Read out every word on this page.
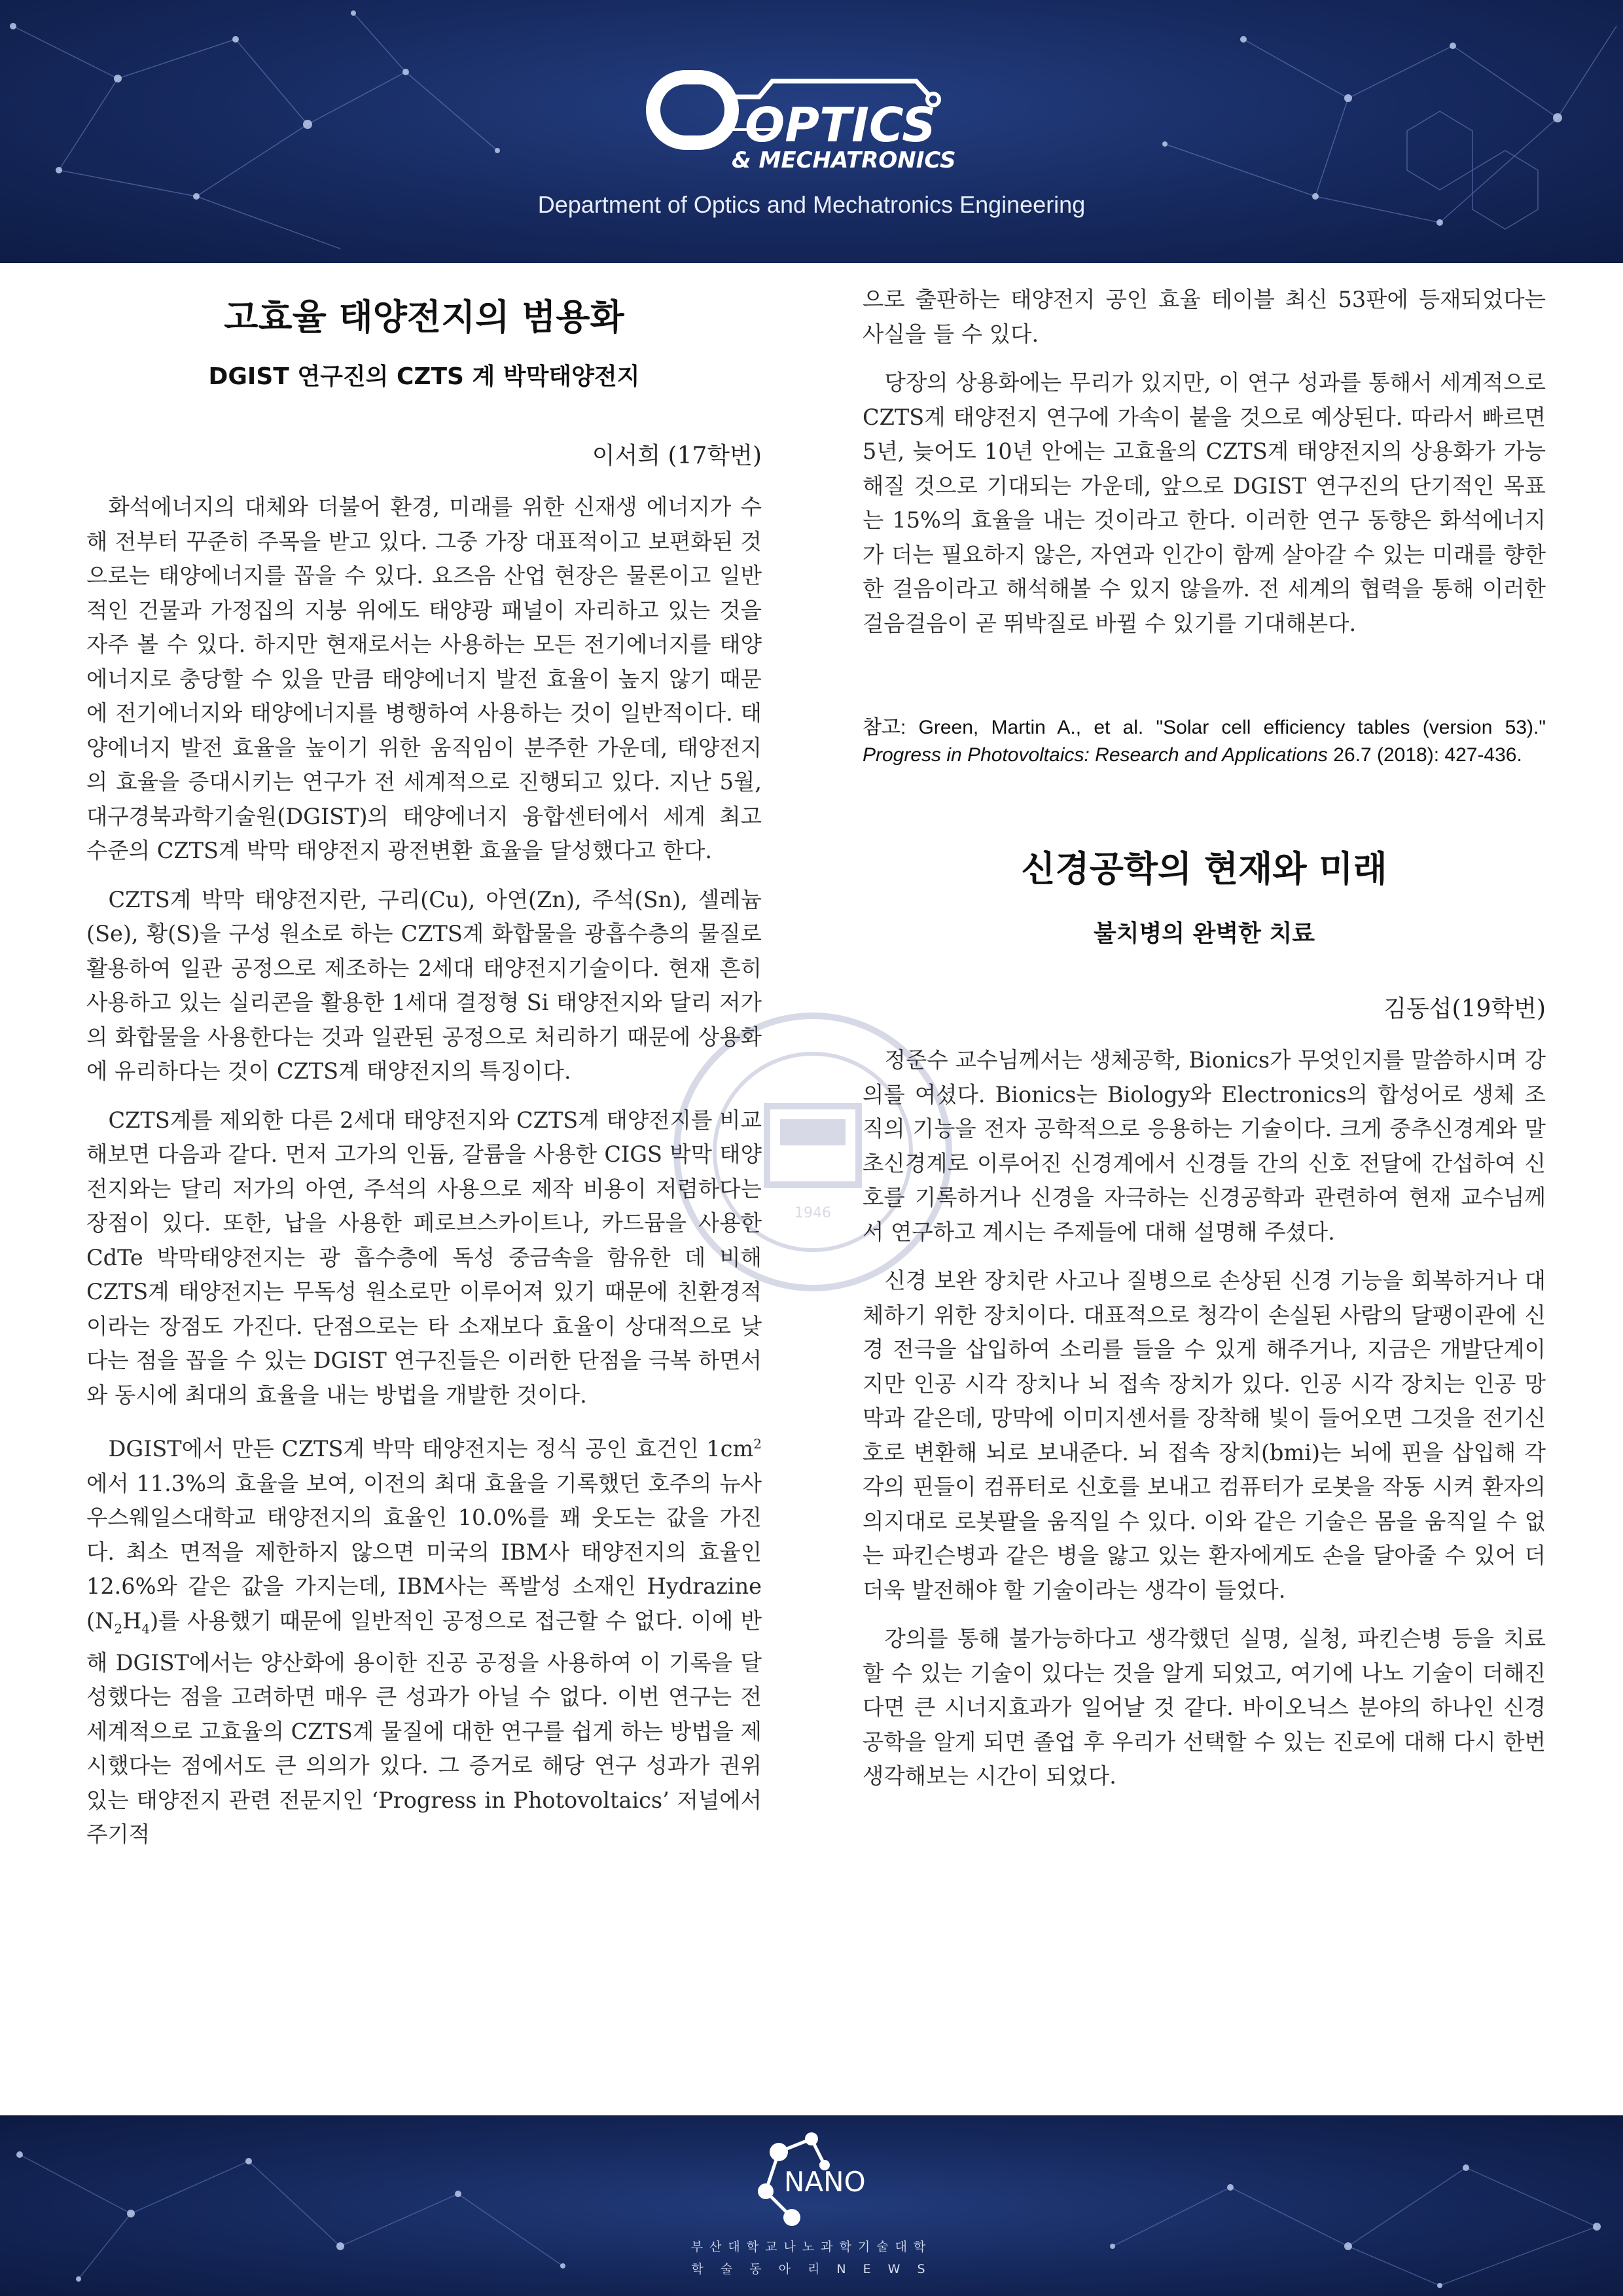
OPTICS
& MECHATRONICS
Department of Optics and Mechatronics Engineering
1946
고효율 태양전지의 범용화
DGIST 연구진의 CZTS 계 박막태양전지

이서희 (17학번)

화석에너지의 대체와 더불어 환경, 미래를 위한 신재생 에너지가 수해 전부터 꾸준히 주목을 받고 있다. 그중 가장 대표적이고 보편화된 것으로는 태양에너지를 꼽을 수 있다. 요즈음 산업 현장은 물론이고 일반적인 건물과 가정집의 지붕 위에도 태양광 패널이 자리하고 있는 것을 자주 볼 수 있다. 하지만 현재로서는 사용하는 모든 전기에너지를 태양에너지로 충당할 수 있을 만큼 태양에너지 발전 효율이 높지 않기 때문에 전기에너지와 태양에너지를 병행하여 사용하는 것이 일반적이다. 태양에너지 발전 효율을 높이기 위한 움직임이 분주한 가운데, 태양전지의 효율을 증대시키는 연구가 전 세계적으로 진행되고 있다. 지난 5월, 대구경북과학기술원(DGIST)의 태양에너지 융합센터에서 세계 최고 수준의 CZTS계 박막 태양전지 광전변환 효율을 달성했다고 한다.

CZTS계 박막 태양전지란, 구리(Cu), 아연(Zn), 주석(Sn), 셀레늄(Se), 황(S)을 구성 원소로 하는 CZTS계 화합물을 광흡수층의 물질로 활용하여 일관 공정으로 제조하는 2세대 태양전지기술이다. 현재 흔히 사용하고 있는 실리콘을 활용한 1세대 결정형 Si 태양전지와 달리 저가의 화합물을 사용한다는 것과 일관된 공정으로 처리하기 때문에 상용화에 유리하다는 것이 CZTS계 태양전지의 특징이다.

CZTS계를 제외한 다른 2세대 태양전지와 CZTS계 태양전지를 비교해보면 다음과 같다. 먼저 고가의 인듐, 갈륨을 사용한 CIGS 박막 태양전지와는 달리 저가의 아연, 주석의 사용으로 제작 비용이 저렴하다는 장점이 있다. 또한, 납을 사용한 페로브스카이트나, 카드뮴을 사용한 CdTe 박막태양전지는 광 흡수층에 독성 중금속을 함유한 데 비해 CZTS계 태양전지는 무독성 원소로만 이루어져 있기 때문에 친환경적이라는 장점도 가진다. 단점으로는 타 소재보다 효율이 상대적으로 낮다는 점을 꼽을 수 있는 DGIST 연구진들은 이러한 단점을 극복 하면서와 동시에 최대의 효율을 내는 방법을 개발한 것이다.

DGIST에서 만든 CZTS계 박막 태양전지는 정식 공인 효건인 $1cm^2$에서 11.3%의 효율을 보여, 이전의 최대 효율을 기록했던 호주의 뉴사우스웨일스대학교 태양전지의 효율인 10.0%를 꽤 웃도는 값을 가진다. 최소 면적을 제한하지 않으면 미국의 IBM사 태양전지의 효율인 12.6%와 같은 값을 가지는데, IBM사는 폭발성 소재인 Hydrazine $(N_2H_4)$를 사용했기 때문에 일반적인 공정으로 접근할 수 없다. 이에 반해 DGIST에서는 양산화에 용이한 진공 공정을 사용하여 이 기록을 달성했다는 점을 고려하면 매우 큰 성과가 아닐 수 없다. 이번 연구는 전 세계적으로 고효율의 CZTS계 물질에 대한 연구를 쉽게 하는 방법을 제시했다는 점에서도 큰 의의가 있다. 그 증거로 해당 연구 성과가 권위 있는 태양전지 관련 전문지인 ‘Progress in Photovoltaics’ 저널에서 주기적

으로 출판하는 태양전지 공인 효율 테이블 최신 53판에 등재되었다는 사실을 들 수 있다.

당장의 상용화에는 무리가 있지만, 이 연구 성과를 통해서 세계적으로 CZTS계 태양전지 연구에 가속이 붙을 것으로 예상된다. 따라서 빠르면 5년, 늦어도 10년 안에는 고효율의 CZTS계 태양전지의 상용화가 가능해질 것으로 기대되는 가운데, 앞으로 DGIST 연구진의 단기적인 목표는 15%의 효율을 내는 것이라고 한다. 이러한 연구 동향은 화석에너지가 더는 필요하지 않은, 자연과 인간이 함께 살아갈 수 있는 미래를 향한 한 걸음이라고 해석해볼 수 있지 않을까. 전 세계의 협력을 통해 이러한 걸음걸음이 곧 뛰박질로 바뀔 수 있기를 기대해본다.

참고: Green, Martin A., et al. "Solar cell efficiency tables (version 53)." Progress in Photovoltaics: Research and Applications 26.7 (2018): 427-436.

신경공학의 현재와 미래
불치병의 완벽한 치료

김동섭(19학번)

정준수 교수님께서는 생체공학, Bionics가 무엇인지를 말씀하시며 강의를 여셨다. Bionics는 Biology와 Electronics의 합성어로 생체 조직의 기능을 전자 공학적으로 응용하는 기술이다. 크게 중추신경계와 말초신경계로 이루어진 신경계에서 신경들 간의 신호 전달에 간섭하여 신호를 기록하거나 신경을 자극하는 신경공학과 관련하여 현재 교수님께서 연구하고 계시는 주제들에 대해 설명해 주셨다.

신경 보완 장치란 사고나 질병으로 손상된 신경 기능을 회복하거나 대체하기 위한 장치이다. 대표적으로 청각이 손실된 사람의 달팽이관에 신경 전극을 삽입하여 소리를 들을 수 있게 해주거나, 지금은 개발단계이지만 인공 시각 장치나 뇌 접속 장치가 있다. 인공 시각 장치는 인공 망막과 같은데, 망막에 이미지센서를 장착해 빛이 들어오면 그것을 전기신호로 변환해 뇌로 보내준다. 뇌 접속 장치(bmi)는 뇌에 핀을 삽입해 각각의 핀들이 컴퓨터로 신호를 보내고 컴퓨터가 로봇을 작동 시켜 환자의 의지대로 로봇팔을 움직일 수 있다. 이와 같은 기술은 몸을 움직일 수 없는 파킨슨병과 같은 병을 앓고 있는 환자에게도 손을 달아줄 수 있어 더더욱 발전해야 할 기술이라는 생각이 들었다.

강의를 통해 불가능하다고 생각했던 실명, 실청, 파킨슨병 등을 치료할 수 있는 기술이 있다는 것을 알게 되었고, 여기에 나노 기술이 더해진다면 큰 시너지효과가 일어날 것 같다. 바이오닉스 분야의 하나인 신경 공학을 알게 되면 졸업 후 우리가 선택할 수 있는 진로에 대해 다시 한번 생각해보는 시간이 되었다.

NANO
부산대학교나노과학기술대학
학 술 동 아 리 N E W S
